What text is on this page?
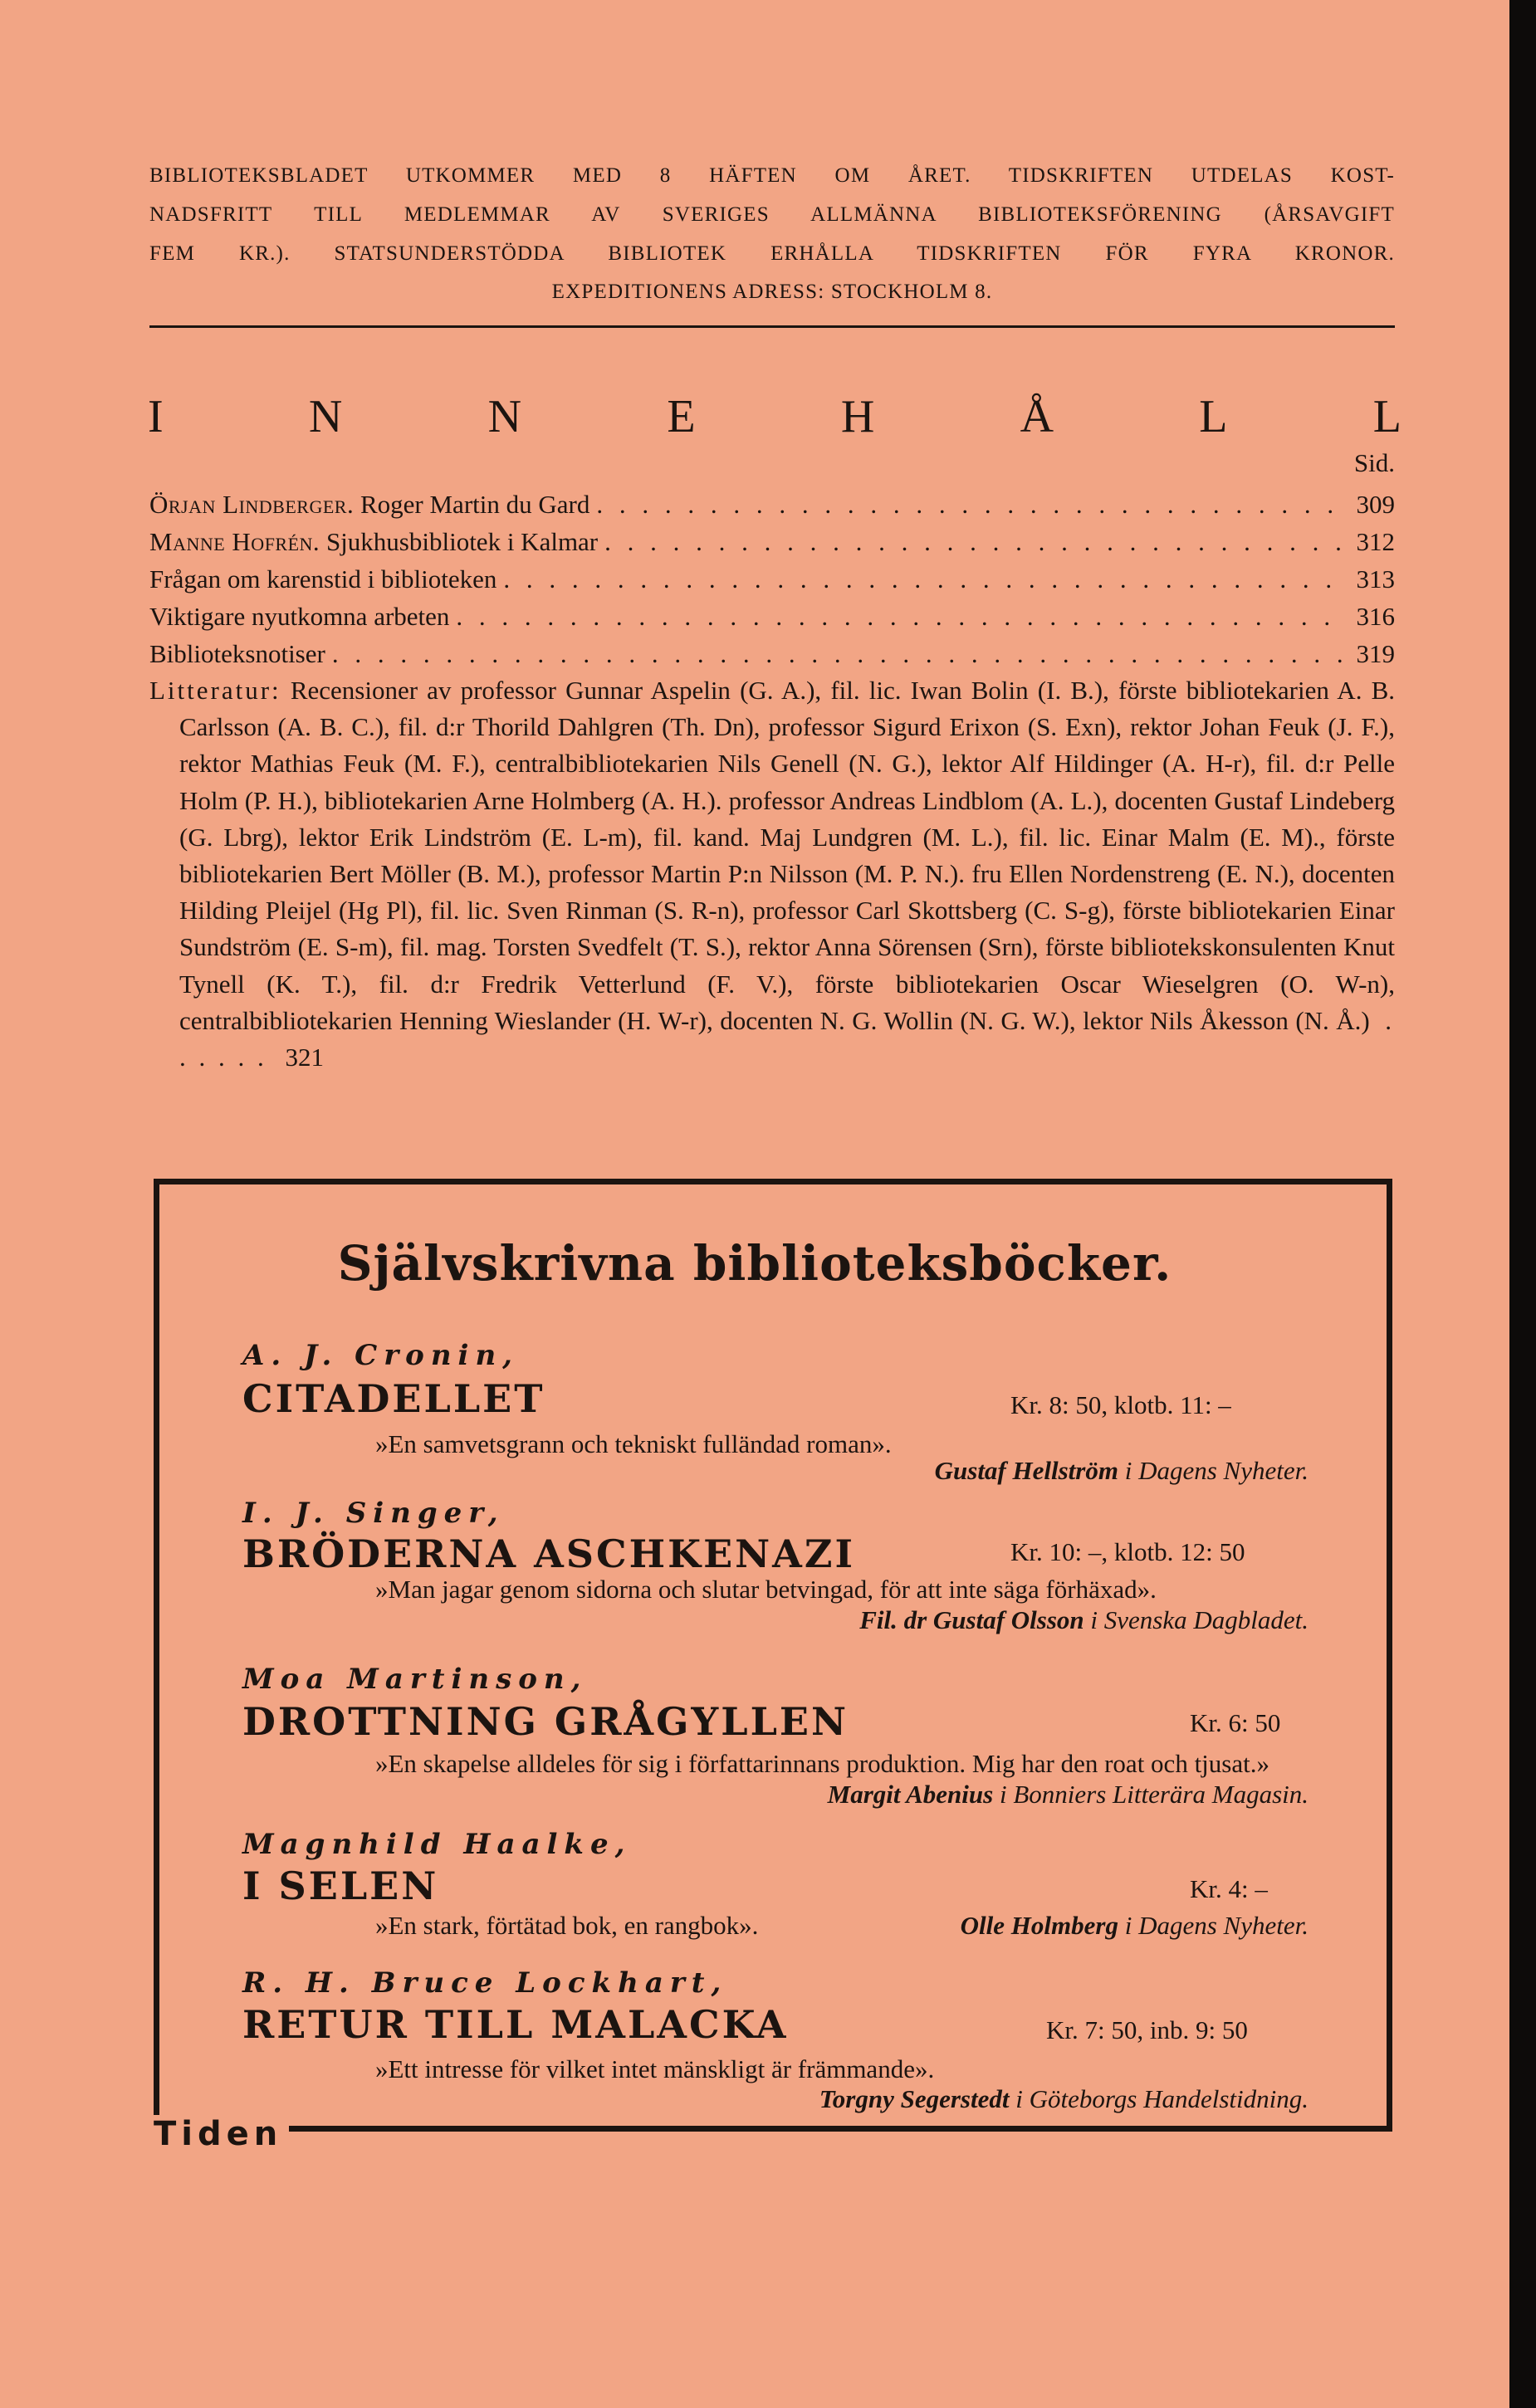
BIBLIOTEKSBLADET UTKOMMER MED 8 HÄFTEN OM ÅRET. TIDSKRIFTEN UTDELAS KOST-
NADSFRITT TILL MEDLEMMAR AV SVERIGES ALLMÄNNA BIBLIOTEKSFÖRENING (ÅRSAVGIFT
FEM KR.). STATSUNDERSTÖDDA BIBLIOTEK ERHÅLLA TIDSKRIFTEN FÖR FYRA KRONOR.
EXPEDITIONENS ADRESS: STOCKHOLM 8.
I	N	N	E	H	Å	L	L
Sid.
Örjan Lindberger. Roger Martin du Gard . . .	309
Manne Hofrén. Sjukhusbibliotek i Kalmar . . .	312
Frågan om karenstid i biblioteken . . .	313
Viktigare nyutkomna arbeten . . .	316
Biblioteksnotiser . . .	319
Litteratur: Recensioner av professor Gunnar Aspelin (G. A.), fil. lic. Iwan Bolin (I. B.), förste bibliotekarien A. B. Carlsson (A. B. C.), fil. d:r Thorild Dahlgren (Th. Dn), professor Sigurd Erixon (S. Exn), rektor Johan Feuk (J. F.), rektor Mathias Feuk (M. F.), centralbibliotekarien Nils Genell (N. G.), lektor Alf Hildinger (A. H-r), fil. d:r Pelle Holm (P. H.), bibliotekarien Arne Holmberg (A. H.). professor Andreas Lindblom (A. L.), docenten Gustaf Lindeberg (G. Lbrg), lektor Erik Lindström (E. L-m), fil. kand. Maj Lundgren (M. L.), fil. lic. Einar Malm (E. M)., förste bibliotekarien Bert Möller (B. M.), professor Martin P:n Nilsson (M. P. N.). fru Ellen Nordenstreng (E. N.), docenten Hilding Pleijel (Hg Pl), fil. lic. Sven Rinman (S. R-n), professor Carl Skottsberg (C. S-g), förste bibliotekarien Einar Sundström (E. S-m), fil. mag. Torsten Svedfelt (T. S.), rektor Anna Sörensen (Srn), förste bibliotekskonsulenten Knut Tynell (K. T.), fil. d:r Fredrik Vetterlund (F. V.), förste bibliotekarien Oscar Wieselgren (O. W-n), centralbibliotekarien Henning Wieslander (H. W-r), docenten N. G. Wollin (N. G. W.), lektor Nils Åkesson (N. Å.) . . . . . . 321
Självskrivna biblioteksböcker.
A. J. Cronin,
CITADELLET	Kr. 8: 50, klotb. 11: –
»En samvetsgrann och tekniskt fulländad roman».
Gustaf Hellström i Dagens Nyheter.
I. J. Singer,
BRÖDERNA ASCHKENAZI	Kr. 10: –, klotb. 12: 50
»Man jagar genom sidorna och slutar betvingad, för att inte säga förhäxad».
Fil. dr Gustaf Olsson i Svenska Dagbladet.
Moa Martinson,
DROTTNING GRÅGYLLEN	Kr. 6: 50
»En skapelse alldeles för sig i författarinnans produktion. Mig har den roat och tjusat.»
Margit Abenius i Bonniers Litterära Magasin.
Magnhild Haalke,
I SELEN	Kr. 4: –
»En stark, förtätad bok, en rangbok».	Olle Holmberg i Dagens Nyheter.
R. H. Bruce Lockhart,
RETUR TILL MALACKA	Kr. 7: 50, inb. 9: 50
»Ett intresse för vilket intet mänskligt är främmande».
Torgny Segerstedt i Göteborgs Handelstidning.
Tiden
